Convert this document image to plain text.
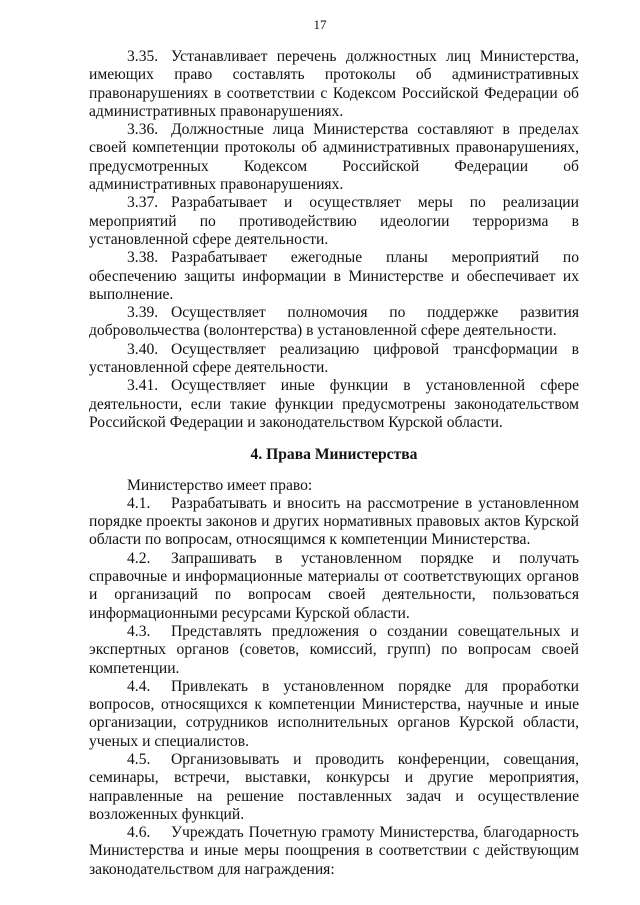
17

3.35. Устанавливает перечень должностных лиц Министерства, имеющих право составлять протоколы об административных правонарушениях в соответствии с Кодексом Российской Федерации об административных правонарушениях.

3.36. Должностные лица Министерства составляют в пределах своей компетенции протоколы об административных правонарушениях, предусмотренных Кодексом Российской Федерации об административных правонарушениях.

3.37. Разрабатывает и осуществляет меры по реализации мероприятий по противодействию идеологии терроризма в установленной сфере деятельности.

3.38. Разрабатывает ежегодные планы мероприятий по обеспечению защиты информации в Министерстве и обеспечивает их выполнение.

3.39. Осуществляет полномочия по поддержке развития добровольчества (волонтерства) в установленной сфере деятельности.

3.40. Осуществляет реализацию цифровой трансформации в установленной сфере деятельности.

3.41. Осуществляет иные функции в установленной сфере деятельности, если такие функции предусмотрены законодательством Российской Федерации и законодательством Курской области.

4. Права Министерства

Министерство имеет право:

4.1. Разрабатывать и вносить на рассмотрение в установленном порядке проекты законов и других нормативных правовых актов Курской области по вопросам, относящимся к компетенции Министерства.

4.2. Запрашивать в установленном порядке и получать справочные и информационные материалы от соответствующих органов и организаций по вопросам своей деятельности, пользоваться информационными ресурсами Курской области.

4.3. Представлять предложения о создании совещательных и экспертных органов (советов, комиссий, групп) по вопросам своей компетенции.

4.4. Привлекать в установленном порядке для проработки вопросов, относящихся к компетенции Министерства, научные и иные организации, сотрудников исполнительных органов Курской области, ученых и специалистов.

4.5. Организовывать и проводить конференции, совещания, семинары, встречи, выставки, конкурсы и другие мероприятия, направленные на решение поставленных задач и осуществление возложенных функций.

4.6. Учреждать Почетную грамоту Министерства, благодарность Министерства и иные меры поощрения в соответствии с действующим законодательством для награждения:
